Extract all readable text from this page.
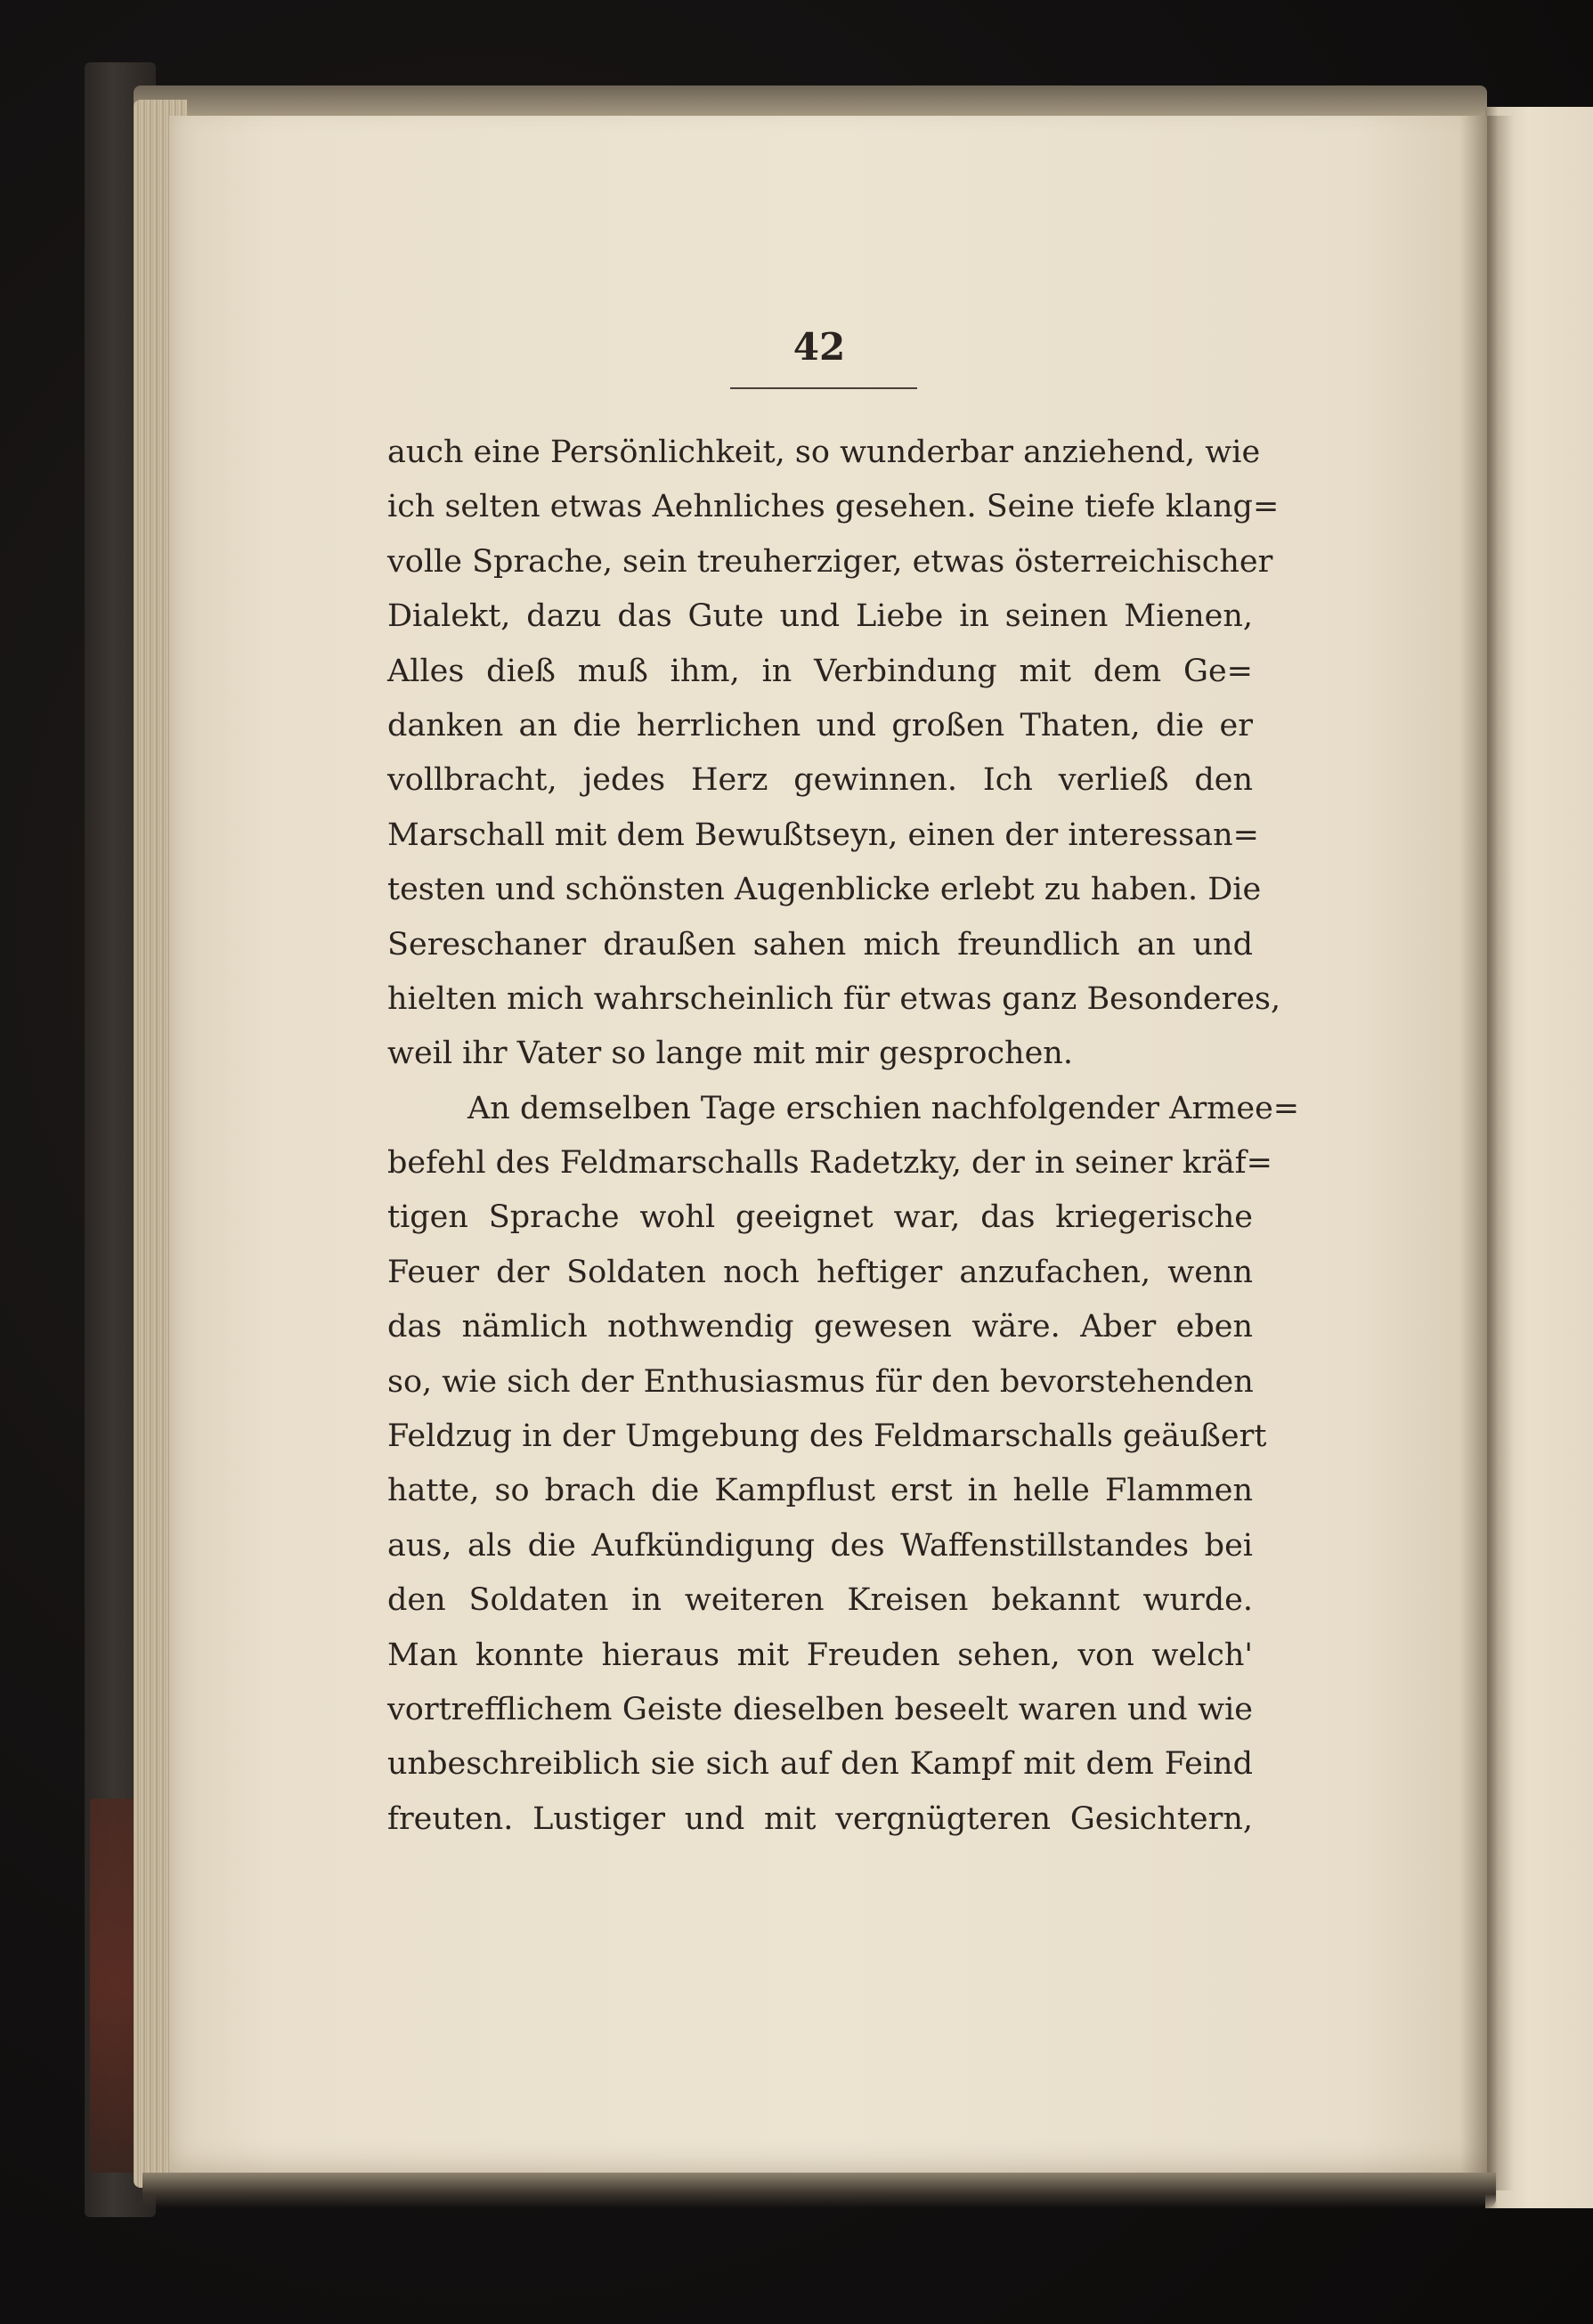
42
auch eine Persönlichkeit, so wunderbar anziehend, wie
ich selten etwas Aehnliches gesehen. Seine tiefe klang=
volle Sprache, sein treuherziger, etwas österreichischer
Dialekt, dazu das Gute und Liebe in seinen Mienen,
Alles dieß muß ihm, in Verbindung mit dem Ge=
danken an die herrlichen und großen Thaten, die er
vollbracht, jedes Herz gewinnen. Ich verließ den
Marschall mit dem Bewußtseyn, einen der interessan=
testen und schönsten Augenblicke erlebt zu haben. Die
Sereschaner draußen sahen mich freundlich an und
hielten mich wahrscheinlich für etwas ganz Besonderes,
weil ihr Vater so lange mit mir gesprochen.
An demselben Tage erschien nachfolgender Armee=
befehl des Feldmarschalls Radetzky, der in seiner kräf=
tigen Sprache wohl geeignet war, das kriegerische
Feuer der Soldaten noch heftiger anzufachen, wenn
das nämlich nothwendig gewesen wäre. Aber eben
so, wie sich der Enthusiasmus für den bevorstehenden
Feldzug in der Umgebung des Feldmarschalls geäußert
hatte, so brach die Kampflust erst in helle Flammen
aus, als die Aufkündigung des Waffenstillstandes bei
den Soldaten in weiteren Kreisen bekannt wurde.
Man konnte hieraus mit Freuden sehen, von welch'
vortrefflichem Geiste dieselben beseelt waren und wie
unbeschreiblich sie sich auf den Kampf mit dem Feind
freuten. Lustiger und mit vergnügteren Gesichtern,
